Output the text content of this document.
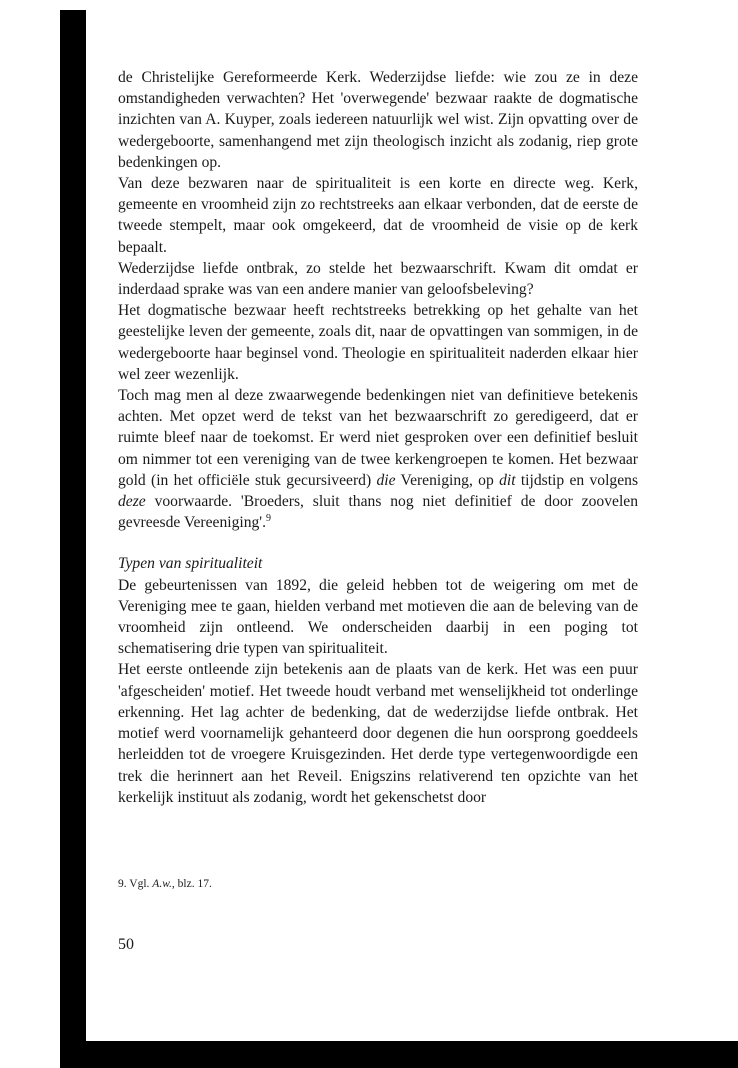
de Christelijke Gereformeerde Kerk. Wederzijdse liefde: wie zou ze in deze omstandigheden verwachten? Het 'overwegende' bezwaar raakte de dogmatische inzichten van A. Kuyper, zoals iedereen natuurlijk wel wist. Zijn opvatting over de wedergeboorte, samenhangend met zijn theologisch inzicht als zodanig, riep grote bedenkingen op.

Van deze bezwaren naar de spiritualiteit is een korte en directe weg. Kerk, gemeente en vroomheid zijn zo rechtstreeks aan elkaar verbonden, dat de eerste de tweede stempelt, maar ook omgekeerd, dat de vroomheid de visie op de kerk bepaalt.

Wederzijdse liefde ontbrak, zo stelde het bezwaarschrift. Kwam dit omdat er inderdaad sprake was van een andere manier van geloofsbeleving?

Het dogmatische bezwaar heeft rechtstreeks betrekking op het gehalte van het geestelijke leven der gemeente, zoals dit, naar de opvattingen van sommigen, in de wedergeboorte haar beginsel vond. Theologie en spiritualiteit naderden elkaar hier wel zeer wezenlijk.

Toch mag men al deze zwaarwegende bedenkingen niet van definitieve betekenis achten. Met opzet werd de tekst van het bezwaarschrift zo geredigeerd, dat er ruimte bleef naar de toekomst. Er werd niet gesproken over een definitief besluit om nimmer tot een vereniging van de twee kerkengroepen te komen. Het bezwaar gold (in het officiële stuk gecursiveerd) die Vereniging, op dit tijdstip en volgens deze voorwaarde. 'Broeders, sluit thans nog niet definitief de door zoovelen gevreesde Vereeniging'.$^9$

Typen van spiritualiteit

De gebeurtenissen van 1892, die geleid hebben tot de weigering om met de Vereniging mee te gaan, hielden verband met motieven die aan de beleving van de vroomheid zijn ontleend. We onderscheiden daarbij in een poging tot schematisering drie typen van spiritualiteit.

Het eerste ontleende zijn betekenis aan de plaats van de kerk. Het was een puur 'afgescheiden' motief. Het tweede houdt verband met wenselijkheid tot onderlinge erkenning. Het lag achter de bedenking, dat de wederzijdse liefde ontbrak. Het motief werd voornamelijk gehanteerd door degenen die hun oorsprong goeddeels herleidden tot de vroegere Kruisgezinden. Het derde type vertegenwoordigde een trek die herinnert aan het Reveil. Enigszins relativerend ten opzichte van het kerkelijk instituut als zodanig, wordt het gekenschetst door

9. Vgl. A.w., blz. 17.
50
